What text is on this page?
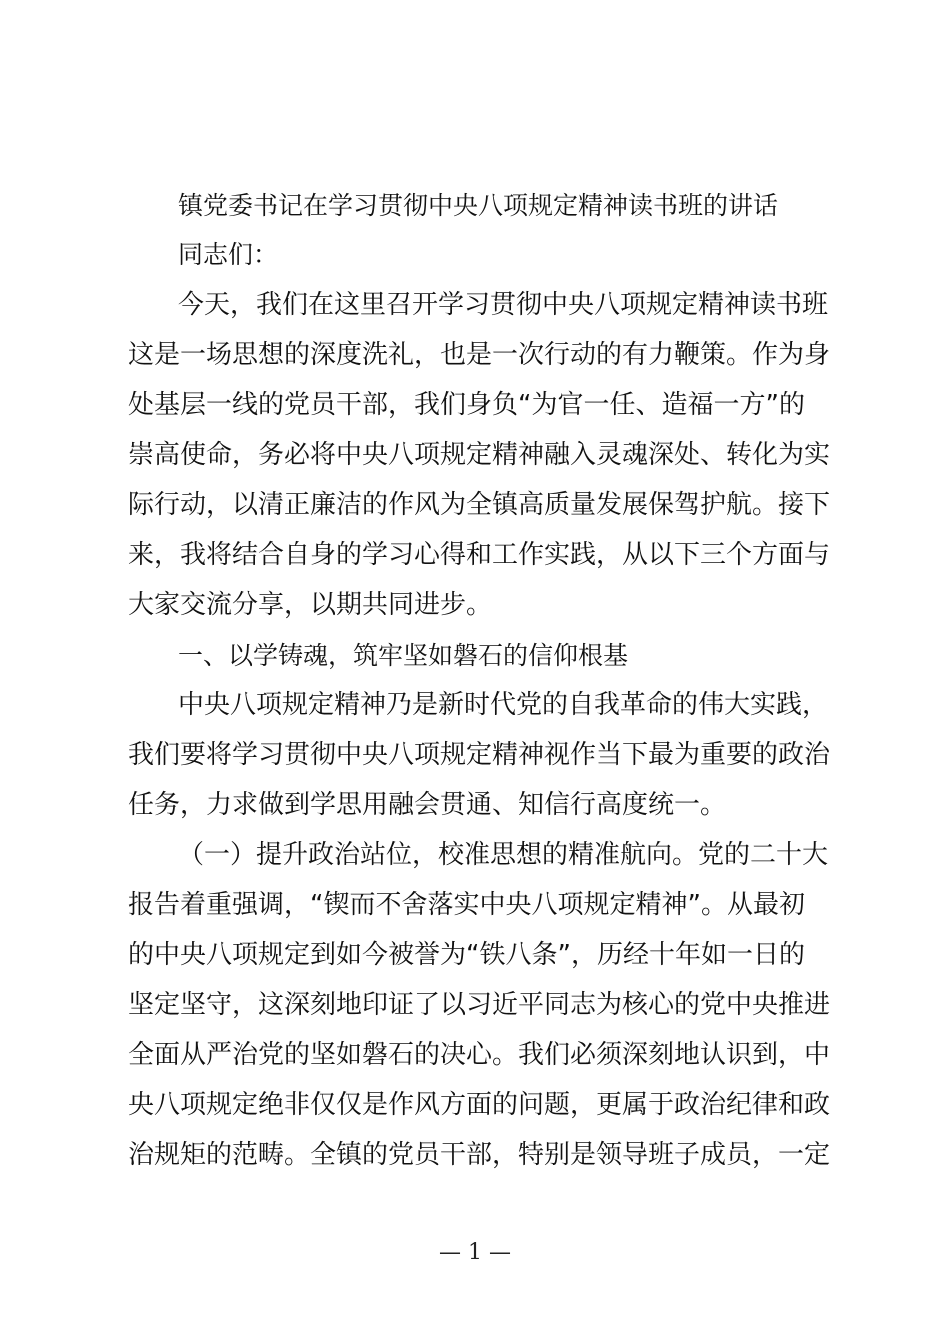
镇党委书记在学习贯彻中央八项规定精神读书班的讲话
同志们：
今天，我们在这里召开学习贯彻中央八项规定精神读书班
这是一场思想的深度洗礼，也是一次行动的有力鞭策。作为身
处基层一线的党员干部，我们身负“为官一任、造福一方”的
崇高使命，务必将中央八项规定精神融入灵魂深处、转化为实
际行动，以清正廉洁的作风为全镇高质量发展保驾护航。接下
来，我将结合自身的学习心得和工作实践，从以下三个方面与
大家交流分享，以期共同进步。
一、以学铸魂，筑牢坚如磐石的信仰根基
中央八项规定精神乃是新时代党的自我革命的伟大实践，
我们要将学习贯彻中央八项规定精神视作当下最为重要的政治
任务，力求做到学思用融会贯通、知信行高度统一。
（一）提升政治站位，校准思想的精准航向。党的二十大
报告着重强调，“锲而不舍落实中央八项规定精神”。从最初
的中央八项规定到如今被誉为“铁八条”，历经十年如一日的
坚定坚守，这深刻地印证了以习近平同志为核心的党中央推进
全面从严治党的坚如磐石的决心。我们必须深刻地认识到，中
央八项规定绝非仅仅是作风方面的问题，更属于政治纪律和政
治规矩的范畴。全镇的党员干部，特别是领导班子成员，一定
— 1 —
